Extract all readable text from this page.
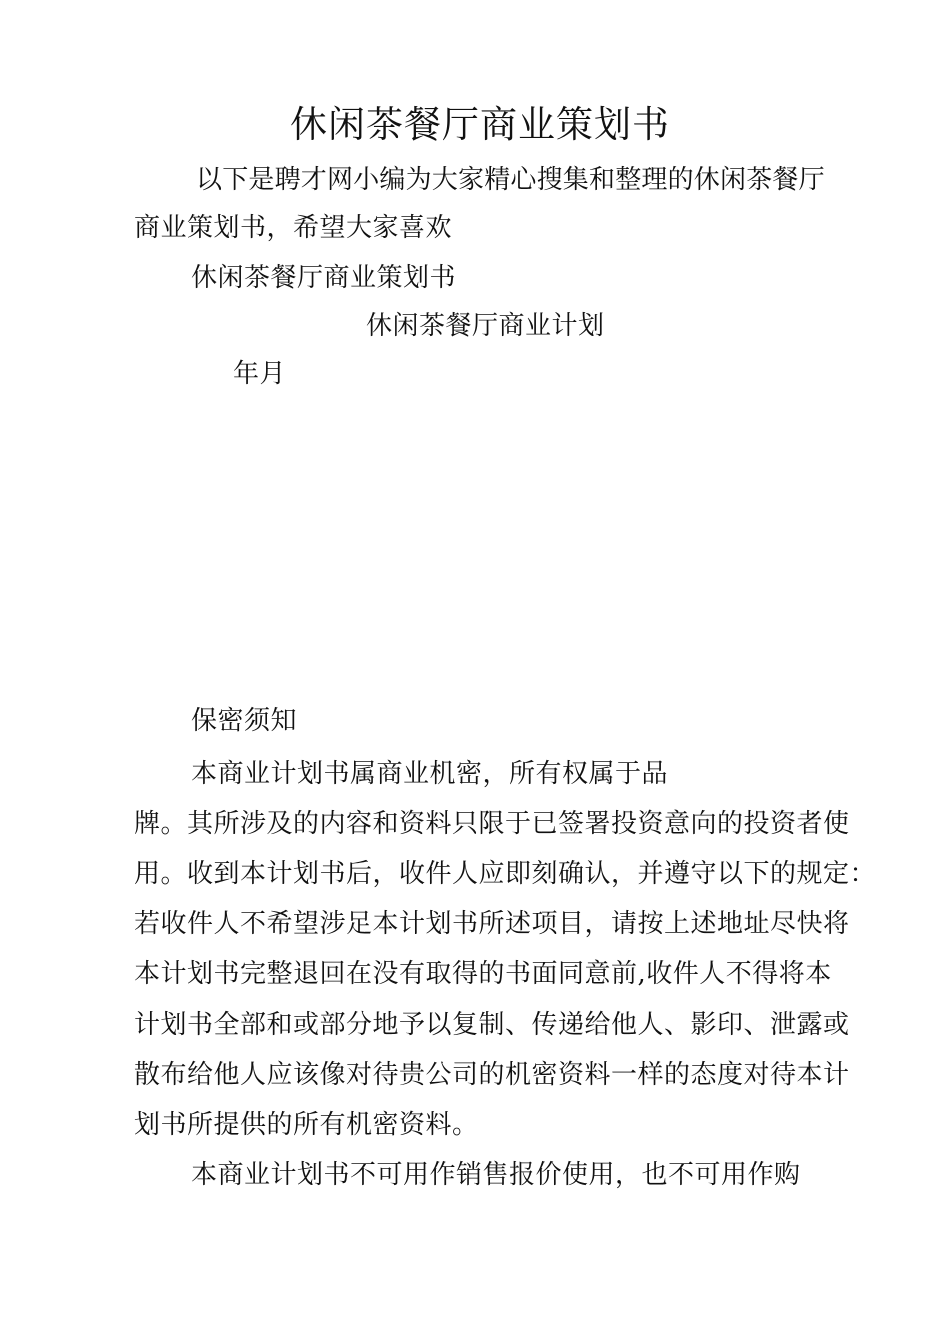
休闲茶餐厅商业策划书
以下是聘才网小编为大家精心搜集和整理的休闲茶餐厅
商业策划书，希望大家喜欢
休闲茶餐厅商业策划书
休闲茶餐厅商业计划
年月
保密须知
本商业计划书属商业机密，所有权属于品
牌。其所涉及的内容和资料只限于已签署投资意向的投资者使
用。收到本计划书后，收件人应即刻确认，并遵守以下的规定：
若收件人不希望涉足本计划书所述项目，请按上述地址尽快将
本计划书完整退回在没有取得的书面同意前,收件人不得将本
计划书全部和或部分地予以复制、传递给他人、影印、泄露或
散布给他人应该像对待贵公司的机密资料一样的态度对待本计
划书所提供的所有机密资料。
本商业计划书不可用作销售报价使用，也不可用作购
